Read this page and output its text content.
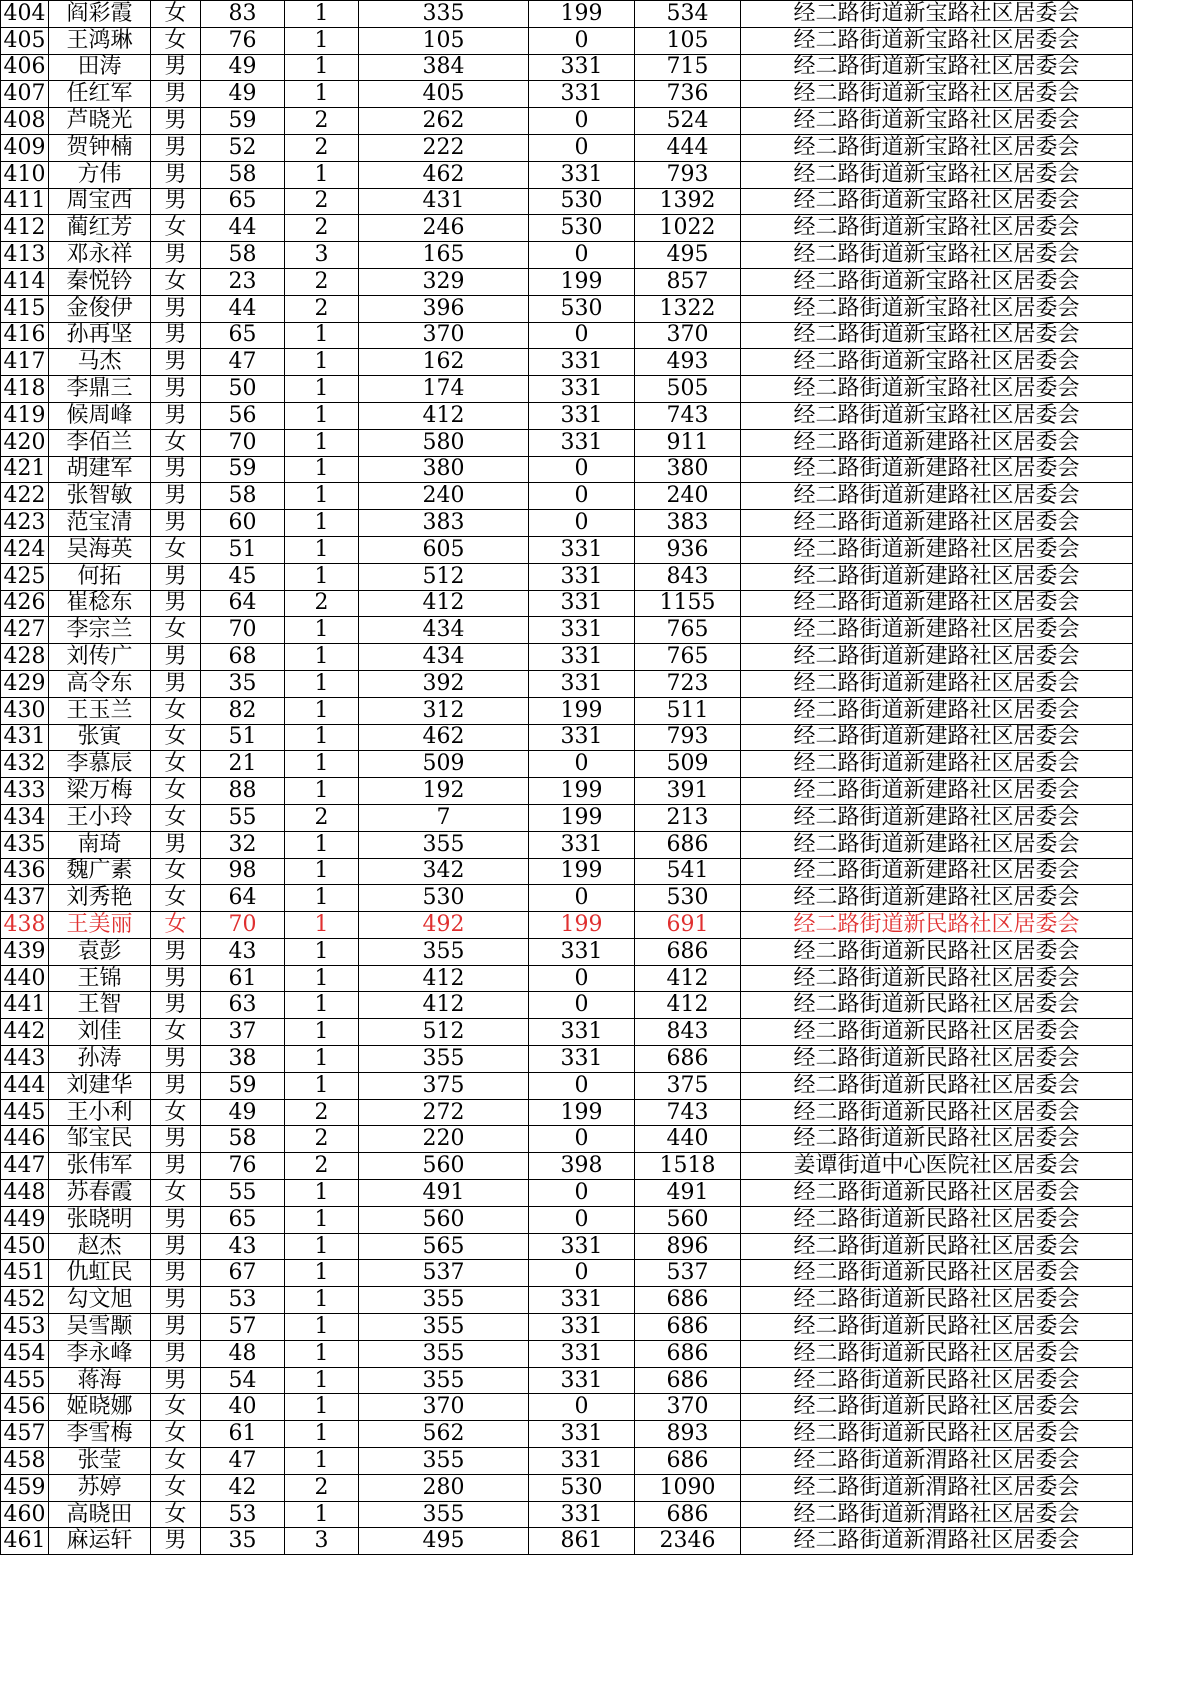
404	阎彩霞	女	83	1	335	199	534	经二路街道新宝路社区居委会
405	王鸿琳	女	76	1	105	0	105	经二路街道新宝路社区居委会
406	田涛	男	49	1	384	331	715	经二路街道新宝路社区居委会
407	任红军	男	49	1	405	331	736	经二路街道新宝路社区居委会
408	芦晓光	男	59	2	262	0	524	经二路街道新宝路社区居委会
409	贺钟楠	男	52	2	222	0	444	经二路街道新宝路社区居委会
410	方伟	男	58	1	462	331	793	经二路街道新宝路社区居委会
411	周宝西	男	65	2	431	530	1392	经二路街道新宝路社区居委会
412	蔺红芳	女	44	2	246	530	1022	经二路街道新宝路社区居委会
413	邓永祥	男	58	3	165	0	495	经二路街道新宝路社区居委会
414	秦悦钤	女	23	2	329	199	857	经二路街道新宝路社区居委会
415	金俊伊	男	44	2	396	530	1322	经二路街道新宝路社区居委会
416	孙再坚	男	65	1	370	0	370	经二路街道新宝路社区居委会
417	马杰	男	47	1	162	331	493	经二路街道新宝路社区居委会
418	李鼎三	男	50	1	174	331	505	经二路街道新宝路社区居委会
419	候周峰	男	56	1	412	331	743	经二路街道新宝路社区居委会
420	李佰兰	女	70	1	580	331	911	经二路街道新建路社区居委会
421	胡建军	男	59	1	380	0	380	经二路街道新建路社区居委会
422	张智敏	男	58	1	240	0	240	经二路街道新建路社区居委会
423	范宝清	男	60	1	383	0	383	经二路街道新建路社区居委会
424	吴海英	女	51	1	605	331	936	经二路街道新建路社区居委会
425	何拓	男	45	1	512	331	843	经二路街道新建路社区居委会
426	崔稔东	男	64	2	412	331	1155	经二路街道新建路社区居委会
427	李宗兰	女	70	1	434	331	765	经二路街道新建路社区居委会
428	刘传广	男	68	1	434	331	765	经二路街道新建路社区居委会
429	高令东	男	35	1	392	331	723	经二路街道新建路社区居委会
430	王玉兰	女	82	1	312	199	511	经二路街道新建路社区居委会
431	张寅	女	51	1	462	331	793	经二路街道新建路社区居委会
432	李慕辰	女	21	1	509	0	509	经二路街道新建路社区居委会
433	梁万梅	女	88	1	192	199	391	经二路街道新建路社区居委会
434	王小玲	女	55	2	7	199	213	经二路街道新建路社区居委会
435	南琦	男	32	1	355	331	686	经二路街道新建路社区居委会
436	魏广素	女	98	1	342	199	541	经二路街道新建路社区居委会
437	刘秀艳	女	64	1	530	0	530	经二路街道新建路社区居委会
438	王美丽	女	70	1	492	199	691	经二路街道新民路社区居委会
439	袁彭	男	43	1	355	331	686	经二路街道新民路社区居委会
440	王锦	男	61	1	412	0	412	经二路街道新民路社区居委会
441	王智	男	63	1	412	0	412	经二路街道新民路社区居委会
442	刘佳	女	37	1	512	331	843	经二路街道新民路社区居委会
443	孙涛	男	38	1	355	331	686	经二路街道新民路社区居委会
444	刘建华	男	59	1	375	0	375	经二路街道新民路社区居委会
445	王小利	女	49	2	272	199	743	经二路街道新民路社区居委会
446	邹宝民	男	58	2	220	0	440	经二路街道新民路社区居委会
447	张伟军	男	76	2	560	398	1518	姜谭街道中心医院社区居委会
448	苏春霞	女	55	1	491	0	491	经二路街道新民路社区居委会
449	张晓明	男	65	1	560	0	560	经二路街道新民路社区居委会
450	赵杰	男	43	1	565	331	896	经二路街道新民路社区居委会
451	仇虹民	男	67	1	537	0	537	经二路街道新民路社区居委会
452	勾文旭	男	53	1	355	331	686	经二路街道新民路社区居委会
453	吴雪颙	男	57	1	355	331	686	经二路街道新民路社区居委会
454	李永峰	男	48	1	355	331	686	经二路街道新民路社区居委会
455	蒋海	男	54	1	355	331	686	经二路街道新民路社区居委会
456	姬晓娜	女	40	1	370	0	370	经二路街道新民路社区居委会
457	李雪梅	女	61	1	562	331	893	经二路街道新民路社区居委会
458	张莹	女	47	1	355	331	686	经二路街道新渭路社区居委会
459	苏婷	女	42	2	280	530	1090	经二路街道新渭路社区居委会
460	高晓田	女	53	1	355	331	686	经二路街道新渭路社区居委会
461	麻运轩	男	35	3	495	861	2346	经二路街道新渭路社区居委会
